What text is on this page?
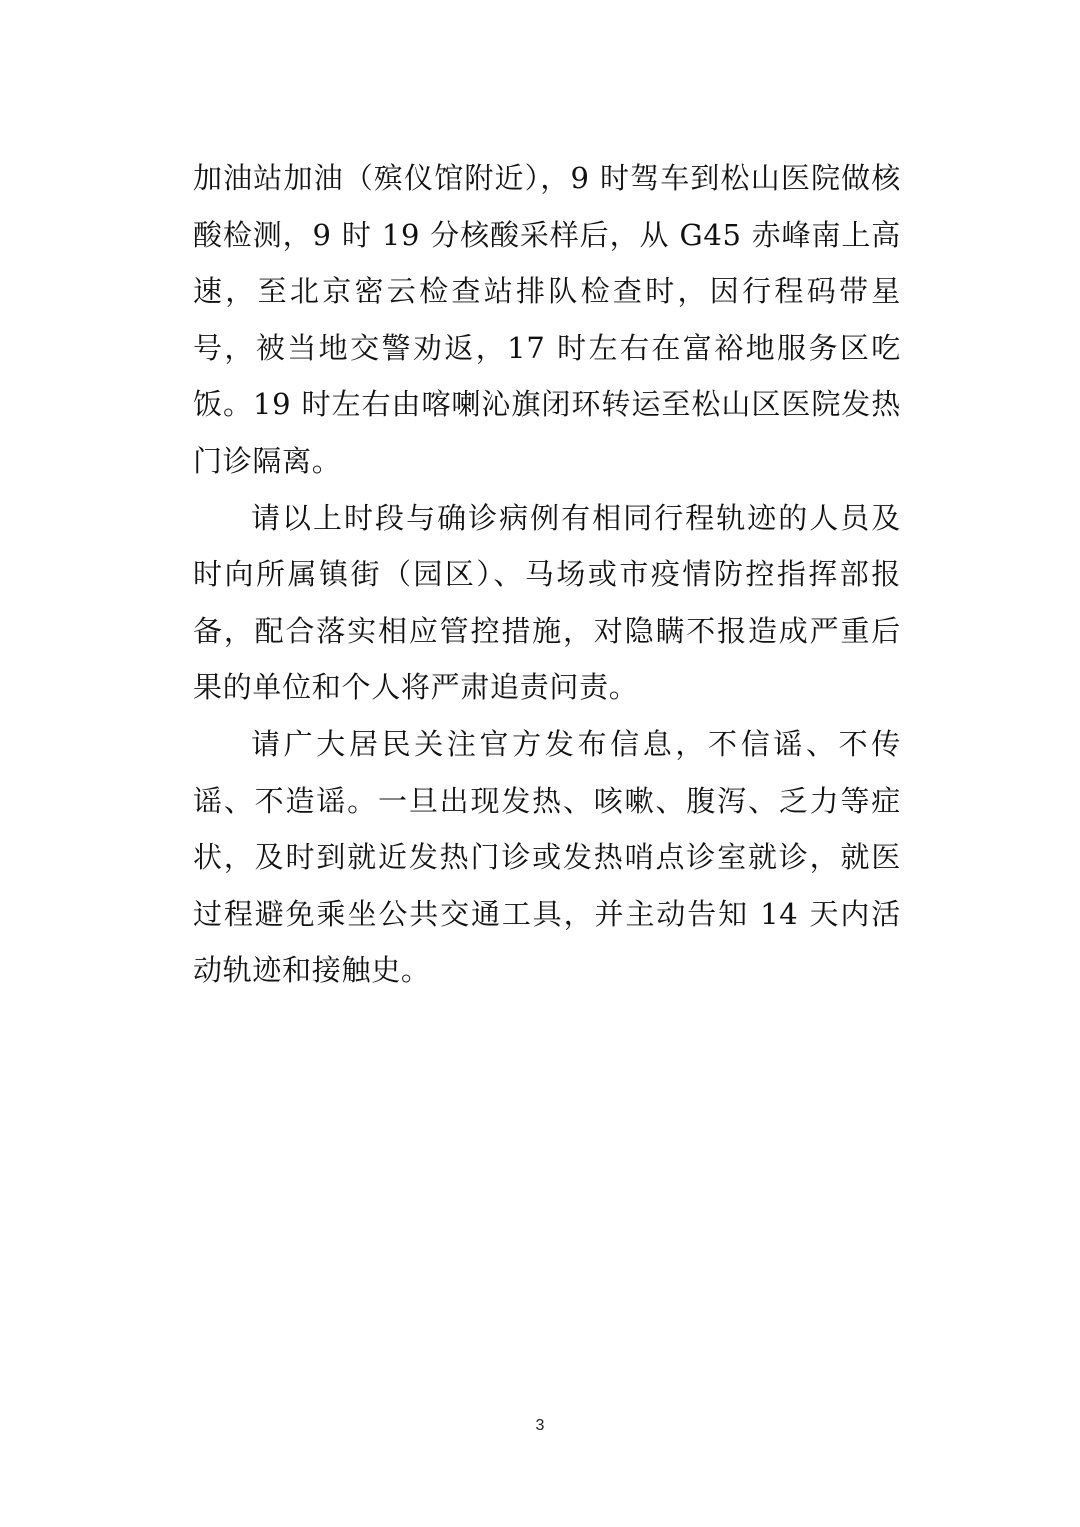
加油站加油（殡仪馆附近），9 时驾车到松山医院做核酸检测，9 时 19 分核酸采样后，从 G45 赤峰南上高速，至北京密云检查站排队检查时，因行程码带星号，被当地交警劝返，17 时左右在富裕地服务区吃饭。19 时左右由喀喇沁旗闭环转运至松山区医院发热门诊隔离。

请以上时段与确诊病例有相同行程轨迹的人员及时向所属镇街（园区）、马场或市疫情防控指挥部报备，配合落实相应管控措施，对隐瞒不报造成严重后果的单位和个人将严肃追责问责。

请广大居民关注官方发布信息，不信谣、不传谣、不造谣。一旦出现发热、咳嗽、腹泻、乏力等症状，及时到就近发热门诊或发热哨点诊室就诊，就医过程避免乘坐公共交通工具，并主动告知 14 天内活动轨迹和接触史。

3
